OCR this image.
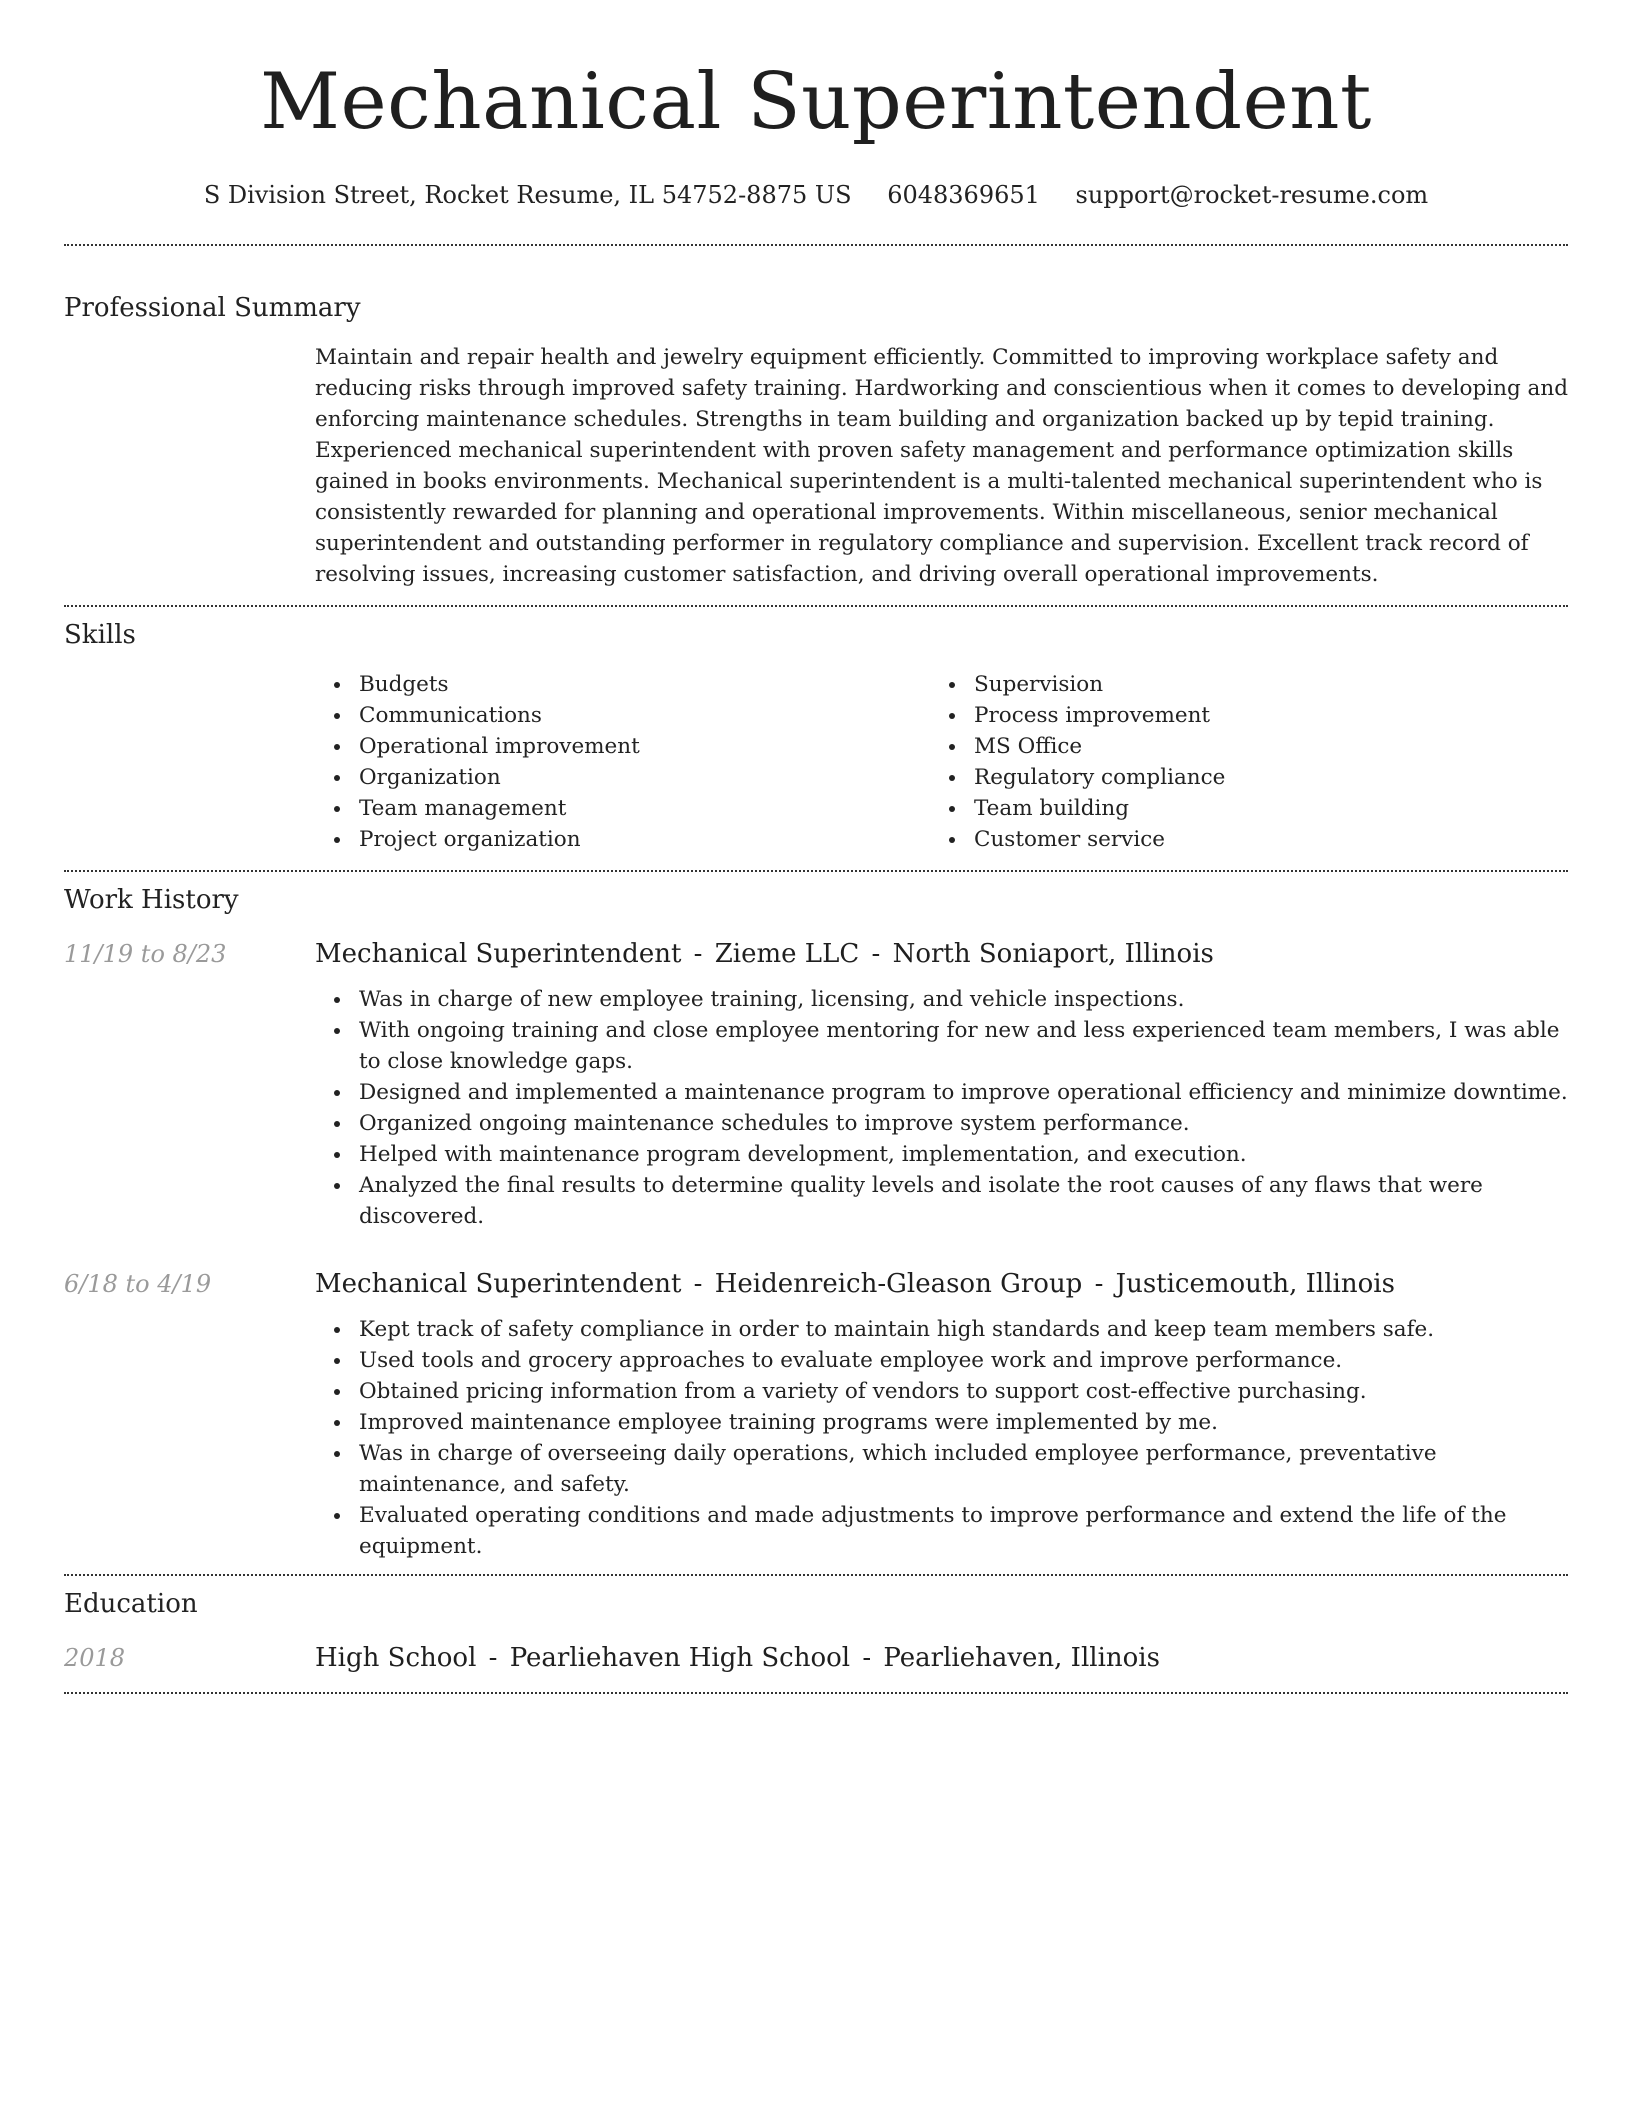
Mechanical Superintendent
S Division Street, Rocket Resume, IL 54752-8875 US 6048369651 support@rocket-resume.com
Professional Summary

Maintain and repair health and jewelry equipment efficiently. Committed to improving workplace safety and reducing risks through improved safety training. Hardworking and conscientious when it comes to developing and enforcing maintenance schedules. Strengths in team building and organization backed up by tepid training. Experienced mechanical superintendent with proven safety management and performance optimization skills gained in books environments. Mechanical superintendent is a multi-talented mechanical superintendent who is consistently rewarded for planning and operational improvements. Within miscellaneous, senior mechanical superintendent and outstanding performer in regulatory compliance and supervision. Excellent track record of resolving issues, increasing customer satisfaction, and driving overall operational improvements.

Skills
Budgets
Communications
Operational improvement
Organization
Team management
Project organization
Supervision
Process improvement
MS Office
Regulatory compliance
Team building
Customer service
Work History
11/19 to 8/23	Mechanical Superintendent - Zieme LLC - North Soniaport, Illinois
Was in charge of new employee training, licensing, and vehicle inspections.
With ongoing training and close employee mentoring for new and less experienced team members, I was able to close knowledge gaps.
Designed and implemented a maintenance program to improve operational efficiency and minimize downtime.
Organized ongoing maintenance schedules to improve system performance.
Helped with maintenance program development, implementation, and execution.
Analyzed the final results to determine quality levels and isolate the root causes of any flaws that were discovered.
6/18 to 4/19	Mechanical Superintendent - Heidenreich-Gleason Group - Justicemouth, Illinois
Kept track of safety compliance in order to maintain high standards and keep team members safe.
Used tools and grocery approaches to evaluate employee work and improve performance.
Obtained pricing information from a variety of vendors to support cost-effective purchasing.
Improved maintenance employee training programs were implemented by me.
Was in charge of overseeing daily operations, which included employee performance, preventative maintenance, and safety.
Evaluated operating conditions and made adjustments to improve performance and extend the life of the equipment.
Education
2018	High School - Pearliehaven High School - Pearliehaven, Illinois
